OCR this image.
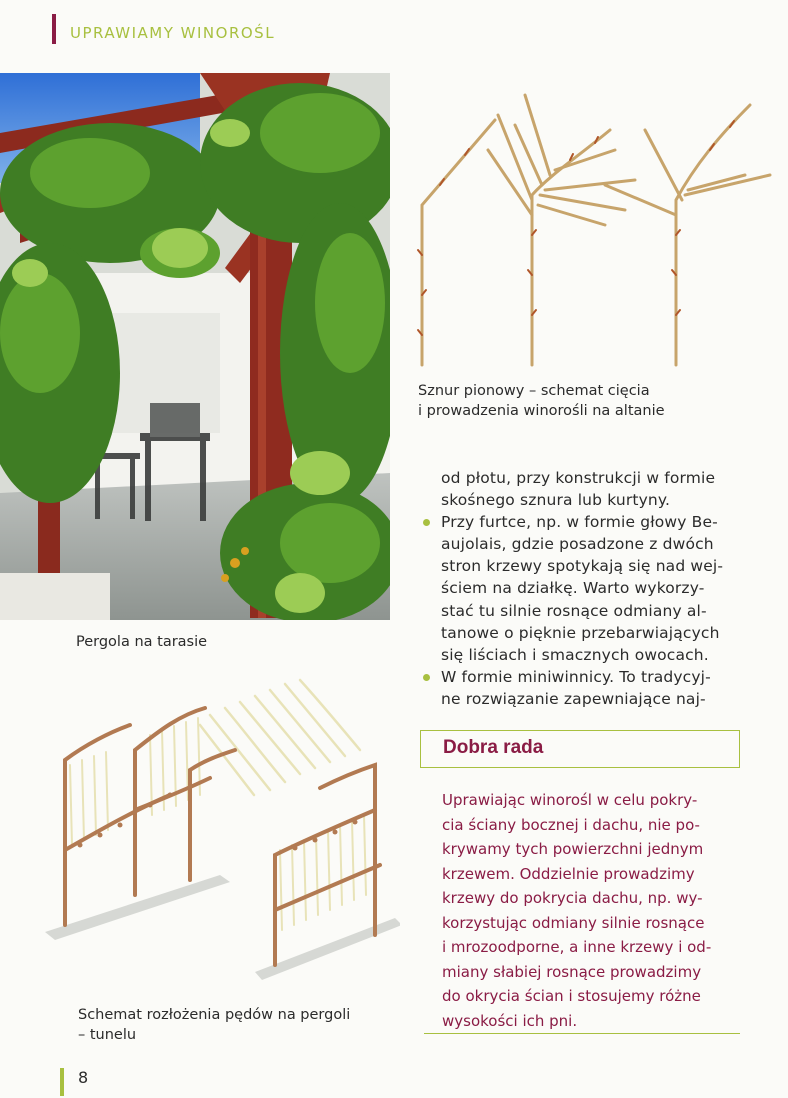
UPRAWIAMY WINOROŚL
Pergola na tarasie
Sznur pionowy – schemat cięcia
i prowadzenia winorośli na altanie
Schemat rozłożenia pędów na pergoli
– tunelu
od płotu, przy konstrukcji w formie
skośnego sznura lub kurtyny.
Przy furtce, np. w formie głowy Be-
aujolais, gdzie posadzone z dwóch
stron krzewy spotykają się nad wej-
ściem na działkę. Warto wykorzy-
stać tu silnie rosnące odmiany al-
tanowe o pięknie przebarwiających
się liściach i smacznych owocach.
W formie miniwinnicy. To tradycyj-
ne rozwiązanie zapewniające naj-
Dobra rada
Uprawiając winorośl w celu pokry-
cia ściany bocznej i dachu, nie po-
krywamy tych powierzchni jednym
krzewem. Oddzielnie prowadzimy
krzewy do pokrycia dachu, np. wy-
korzystując odmiany silnie rosnące
i mrozoodporne, a inne krzewy i od-
miany słabiej rosnące prowadzimy
do okrycia ścian i stosujemy różne
wysokości ich pni.
8
